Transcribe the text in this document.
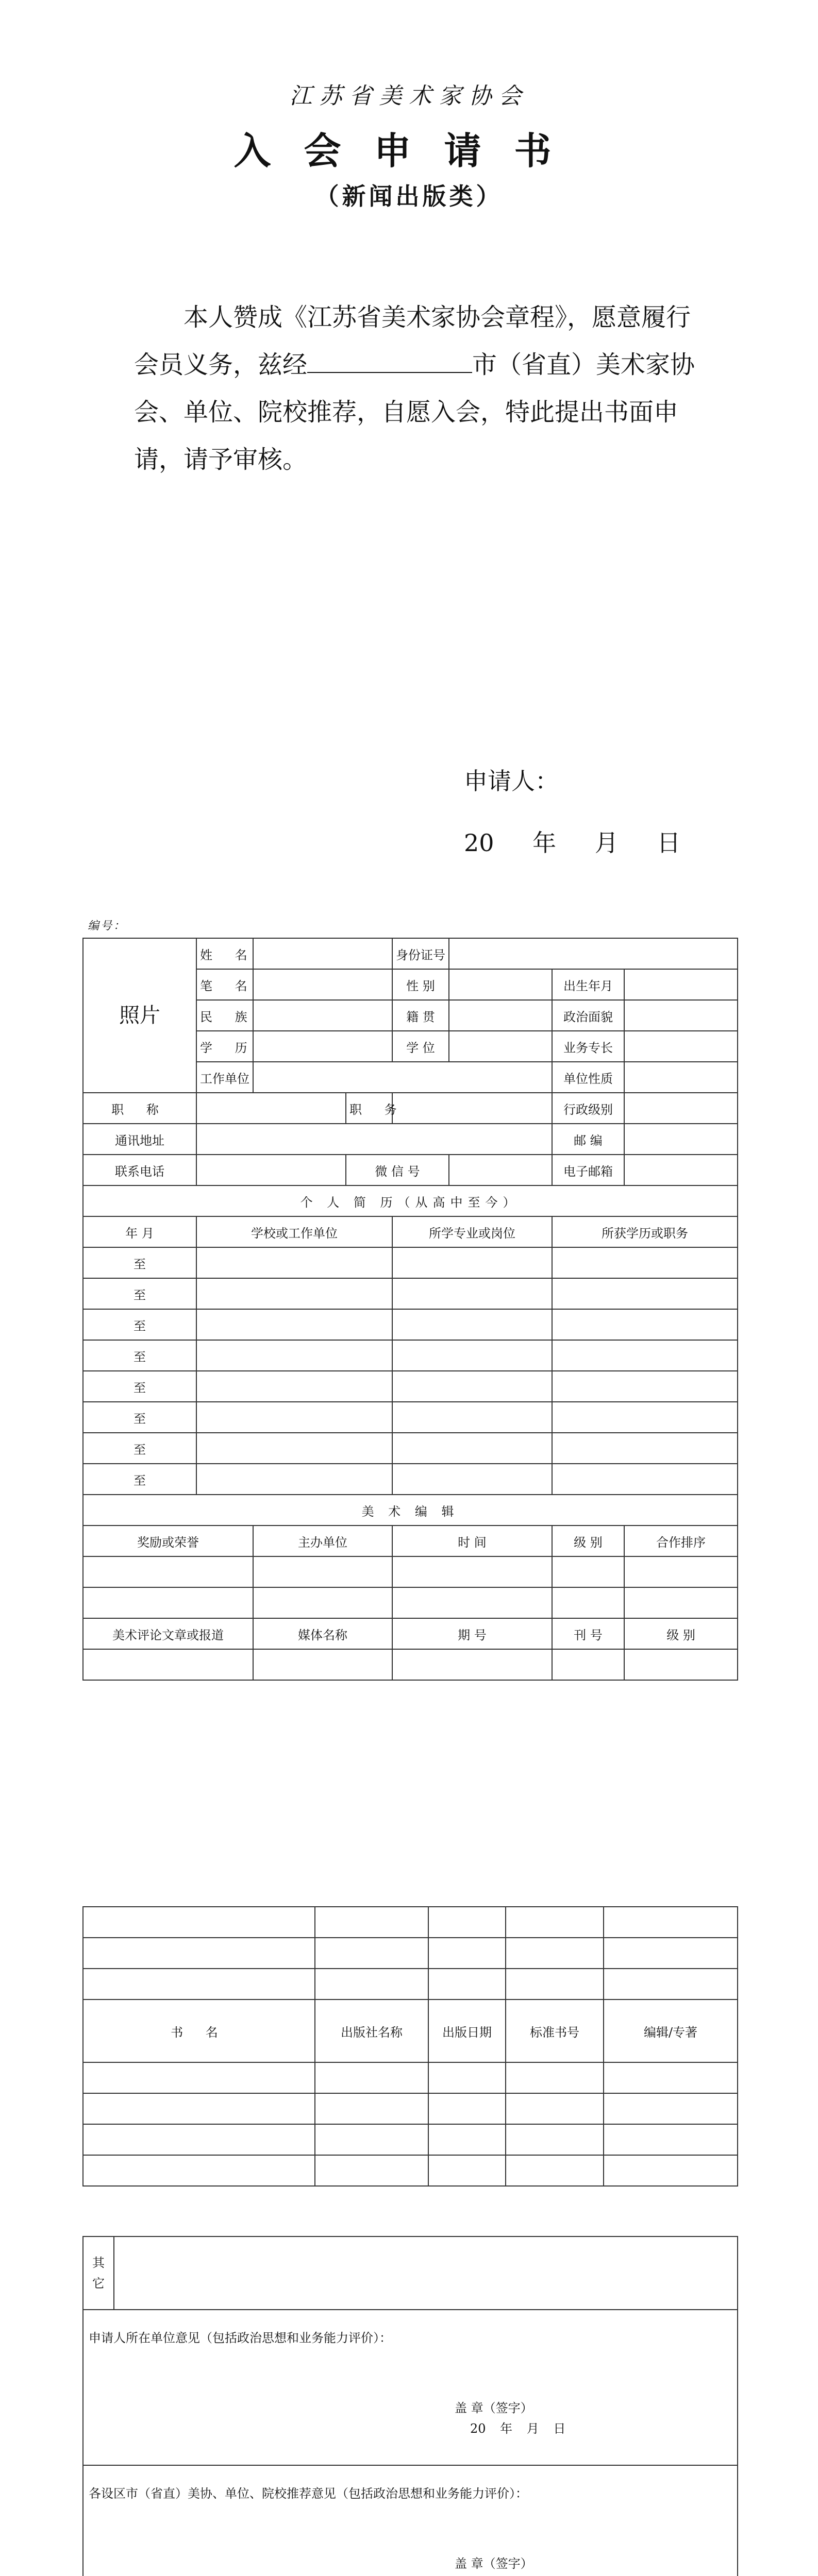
江苏省美术家协会
入会申请书
（新闻出版类）

本人赞成《江苏省美术家协会章程》，愿意履行会员义务，兹经	市（省直）美术家协会、单位、院校推荐，自愿入会，特此提出书面申请，请予审核。

申请人：
20 年 月 日
编号：
照片	姓 名			身份证号			
	笔 名			性 别		出生年月	
	民 族			籍 贯		政治面貌	
	学 历			学 位		业务专长	
	工作单位					单位性质	
职 称			职 务			行政级别	
通讯地址						邮 编	
联系电话			微 信 号			电子邮箱	
个 人 简 历（从高中至今）							
年 月	学校或工作单位			所学专业或岗位		所获学历或职务	
至							
至							
至							
至							
至							
至							
至							
至							
美 术 编 辑							
奖励或荣誉		主办单位		时 间		级 别	合作排序

美术评论文章或报道		媒体名称		期 号		刊 号	级 别

书 名	出版社名称	出版日期	标准书号	编辑/专著

其它	
申请人所在单位意见（包括政治思想和业务能力评价）：
盖 章（签字）
20 年 月 日

各设区市（省直）美协、单位、院校推荐意见（包括政治思想和业务能力评价）：
盖 章（签字）
